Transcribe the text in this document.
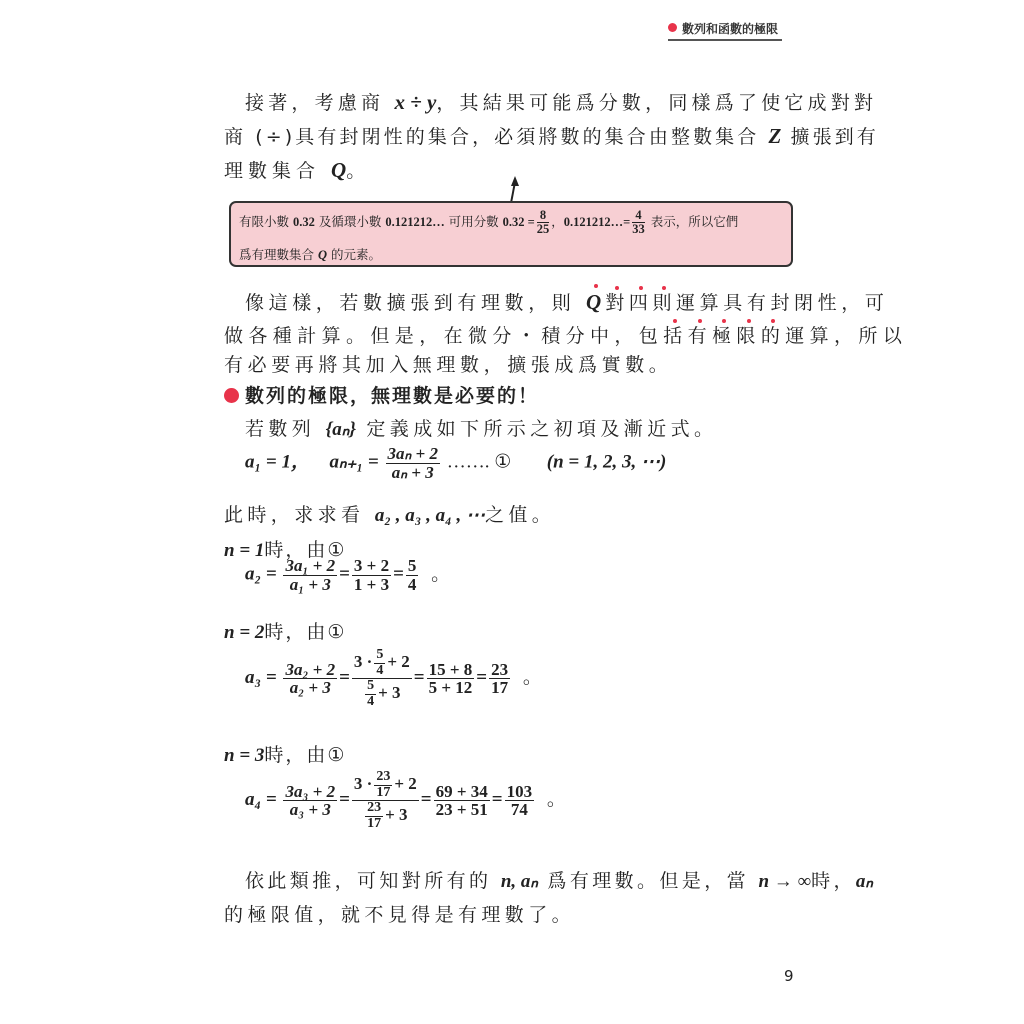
數列和函數的極限
接著，考慮商 x ÷ y，其結果可能爲分數，同樣爲了使它成對對
商 (÷)具有封閉性的集合，必須將數的集合由整數集合 Z 擴張到有
理數集合 Q。
有限小數 0.32 及循環小數 0.121212… 可用分數 $0.32 = \frac{8}{25}$ ，0.121212…= $\frac{4}{33}$ 表示，所以它們
爲有理數集合 Q 的元素。
像這樣，若數擴張到有理數，則 Q對四則運算具有封閉性，可
做各種計算。但是，在微分・積分中，包括有極限的運算，所以
有必要再將其加入無理數，擴張成爲實數。
數列的極限，無理數是必要的！
若數列 {aₙ} 定義成如下所示之初項及漸近式。
a₁ = 1， $a_{n+1} = \frac{\text{3aₙ + 2}}{\text{aₙ + 3}}$ ……. ① (n = 1, 2, 3, ⋯)
此時，求求看 a₂ , a₃ , a₄ , ⋯之值。
n = 1時，由①
$a_2 = \frac{\text{3a₁ + 2}}{\text{a₁ + 3}} = \frac{3 + 2}{1 + 3} = \frac{5}{4}$ 。
n = 2時，由①
$a_3 = \frac{\text{3a₂ + 2}}{\text{a₂ + 3}} = \frac{3 \cdot \frac{5}{4} + 2}{\frac{5}{4} + 3} = \frac{15 + 8}{5 + 12} = \frac{23}{17}$ 。
n = 3時，由①
$a_4 = \frac{\text{3a₃ + 2}}{\text{a₃ + 3}} = \frac{3 \cdot \frac{23}{17} + 2}{\frac{23}{17} + 3} = \frac{69 + 34}{23 + 51} = \frac{103}{74}$ 。
依此類推，可知對所有的 n, aₙ 爲有理數。但是，當 n → ∞時，aₙ
的極限值，就不見得是有理數了。
9
